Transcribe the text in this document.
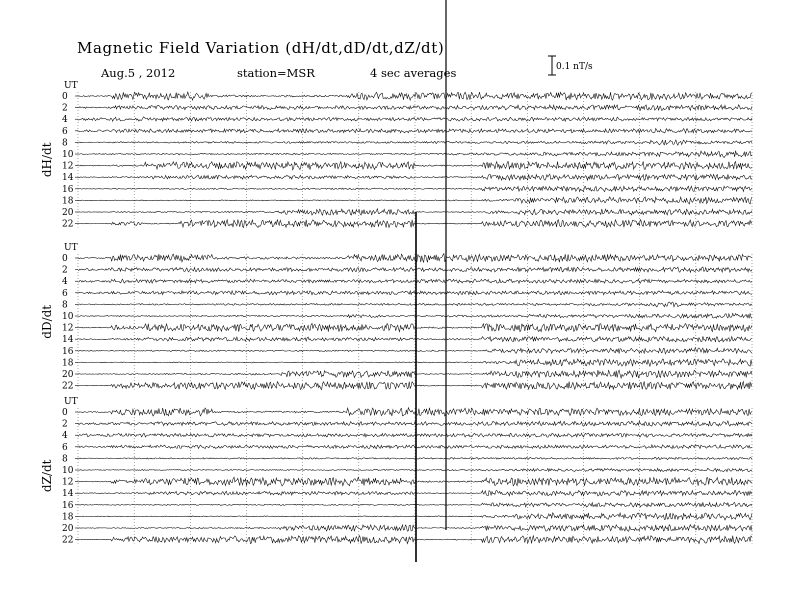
Magnetic Field Variation (dH/dt,dD/dt,dZ/dt)
Aug.5 , 2012	station=MSR	4 sec averages	0.1 nT/s
UT
dH/dt
0
2
4
6
8
10
12
14
16
18
20
22
UT
dD/dt
0
2
4
6
8
10
12
14
16
18
20
22
UT
dZ/dt
0
2
4
6
8
10
12
14
16
18
20
22
